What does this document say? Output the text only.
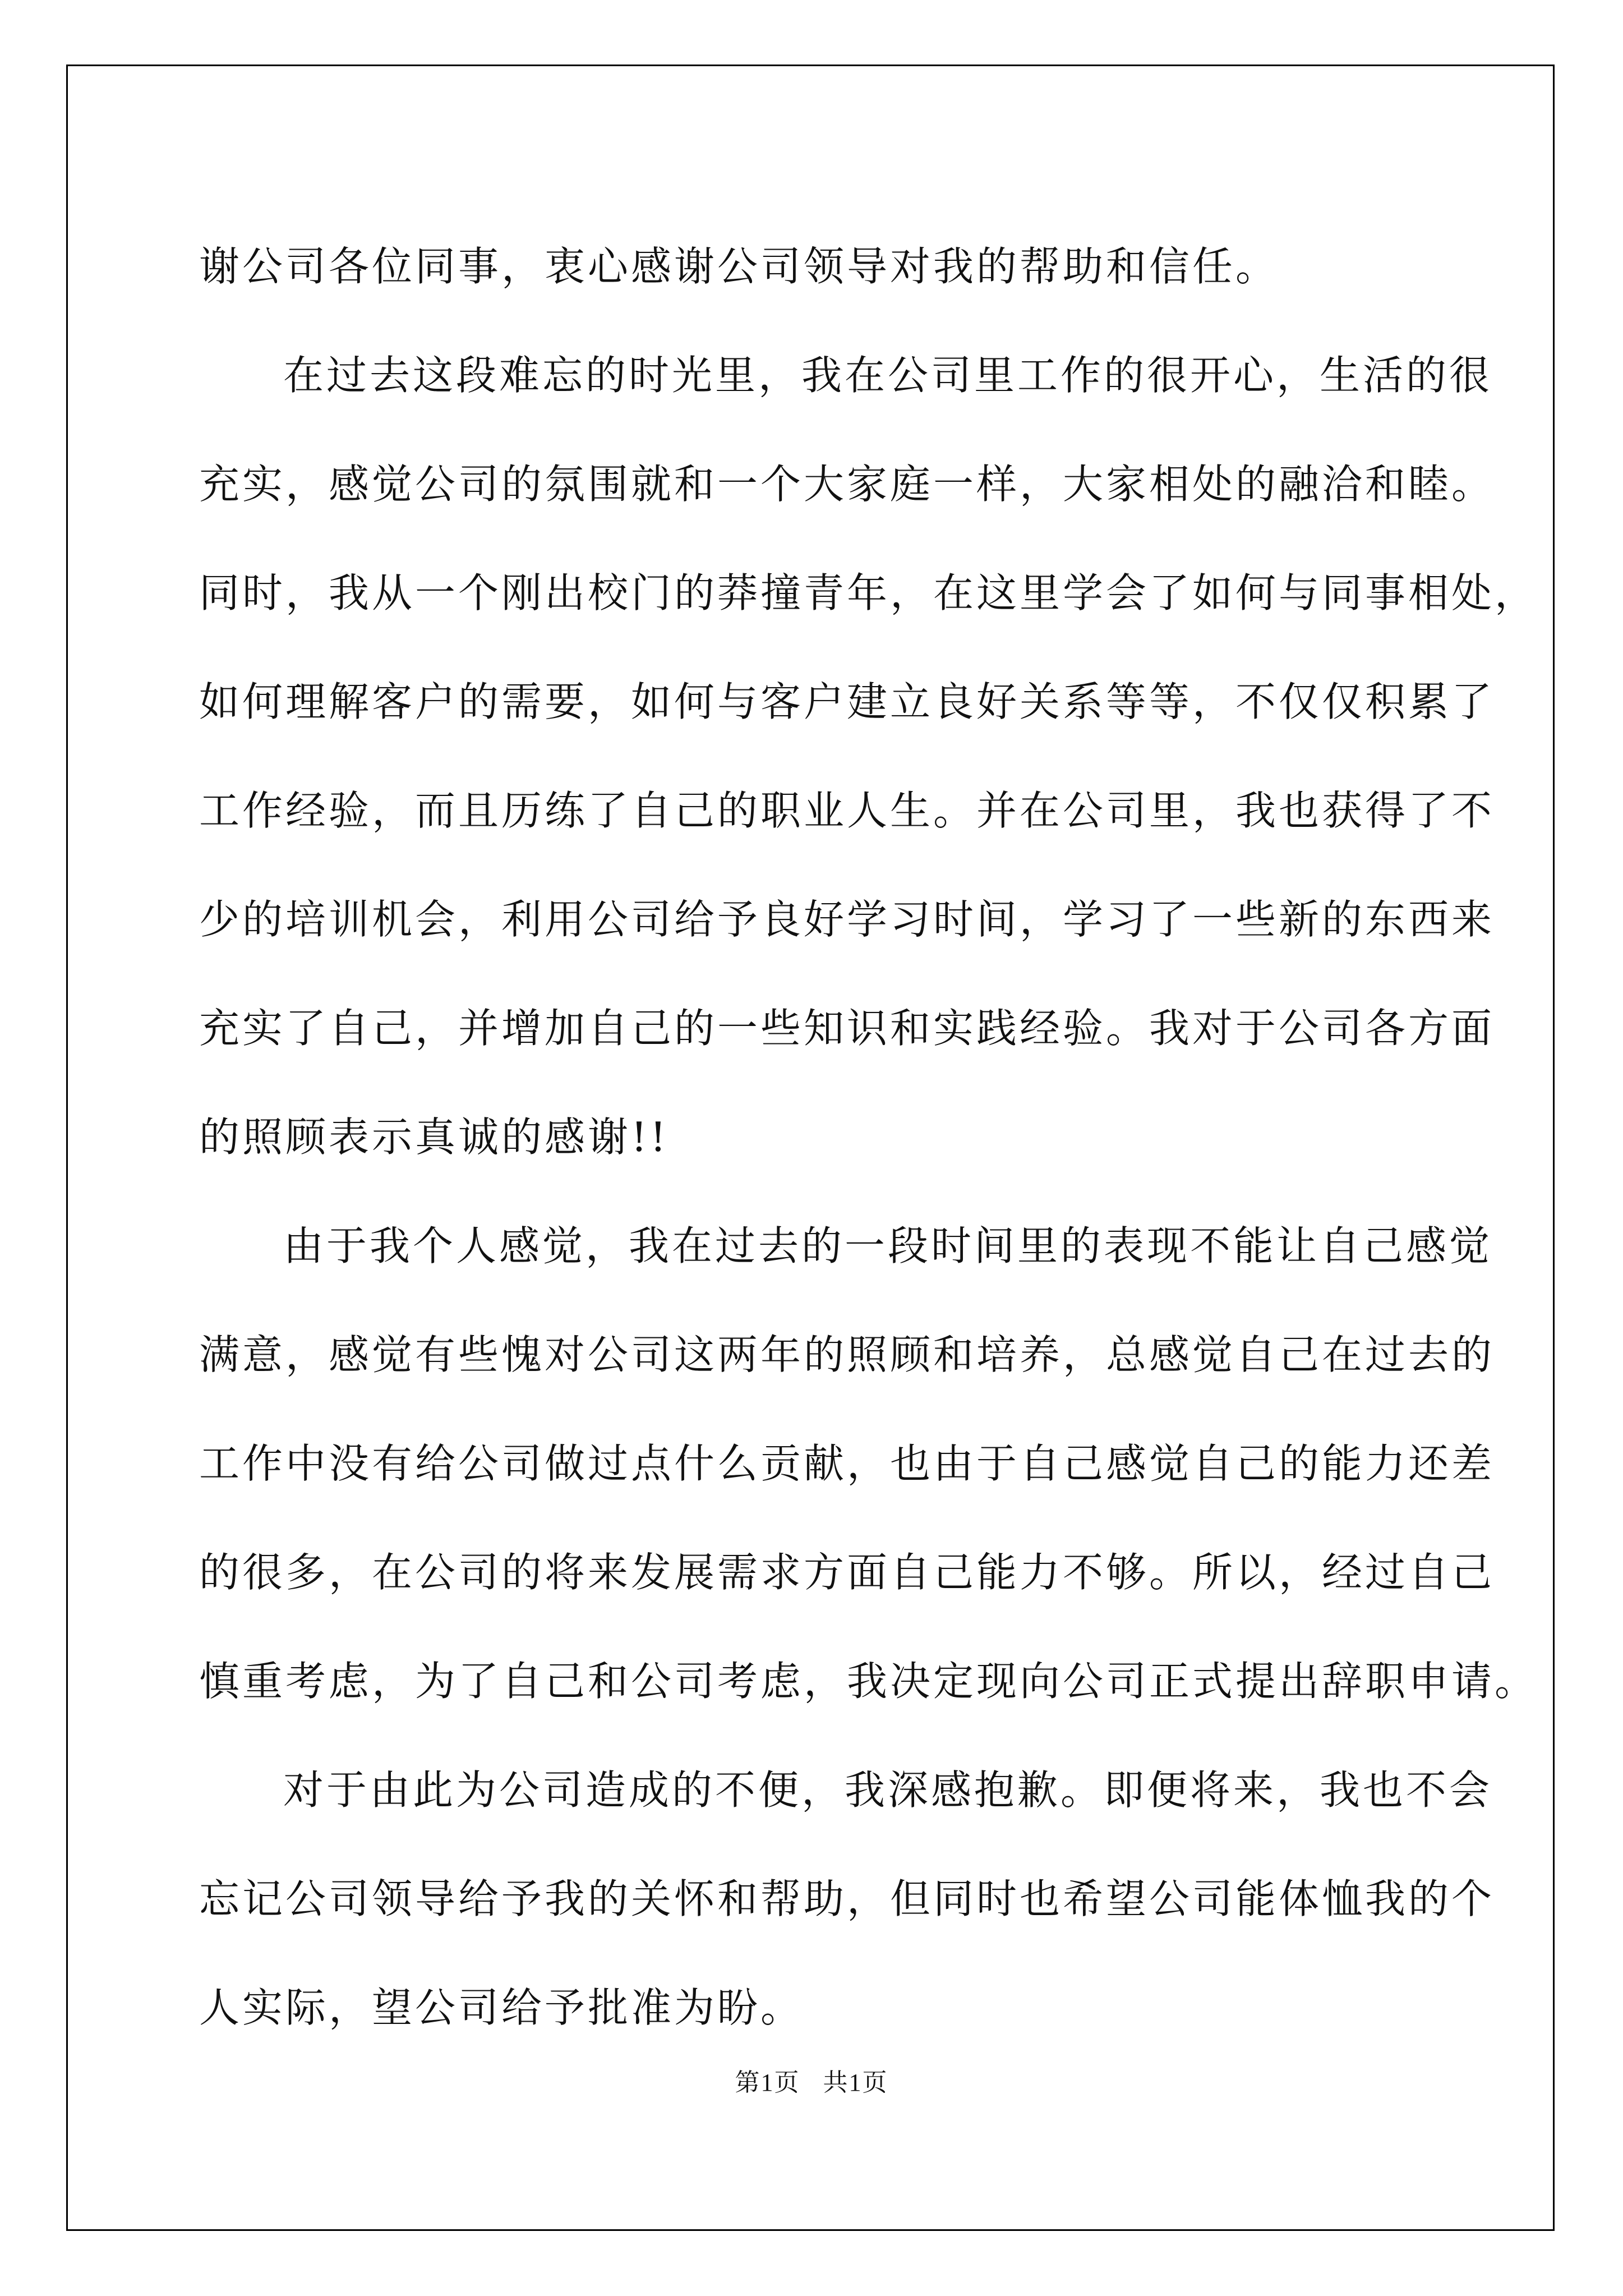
谢公司各位同事，衷心感谢公司领导对我的帮助和信任。
在过去这段难忘的时光里，我在公司里工作的很开心，生活的很
充实，感觉公司的氛围就和一个大家庭一样，大家相处的融洽和睦。
同时，我从一个刚出校门的莽撞青年，在这里学会了如何与同事相处，
如何理解客户的需要，如何与客户建立良好关系等等，不仅仅积累了
工作经验，而且历练了自己的职业人生。并在公司里，我也获得了不
少的培训机会，利用公司给予良好学习时间，学习了一些新的东西来
充实了自己，并增加自己的一些知识和实践经验。我对于公司各方面
的照顾表示真诚的感谢!!
由于我个人感觉，我在过去的一段时间里的表现不能让自己感觉
满意，感觉有些愧对公司这两年的照顾和培养，总感觉自己在过去的
工作中没有给公司做过点什么贡献，也由于自己感觉自己的能力还差
的很多，在公司的将来发展需求方面自己能力不够。所以，经过自己
慎重考虑，为了自己和公司考虑，我决定现向公司正式提出辞职申请。
对于由此为公司造成的不便，我深感抱歉。即便将来，我也不会
忘记公司领导给予我的关怀和帮助，但同时也希望公司能体恤我的个
人实际，望公司给予批准为盼。
第1页 共1页
